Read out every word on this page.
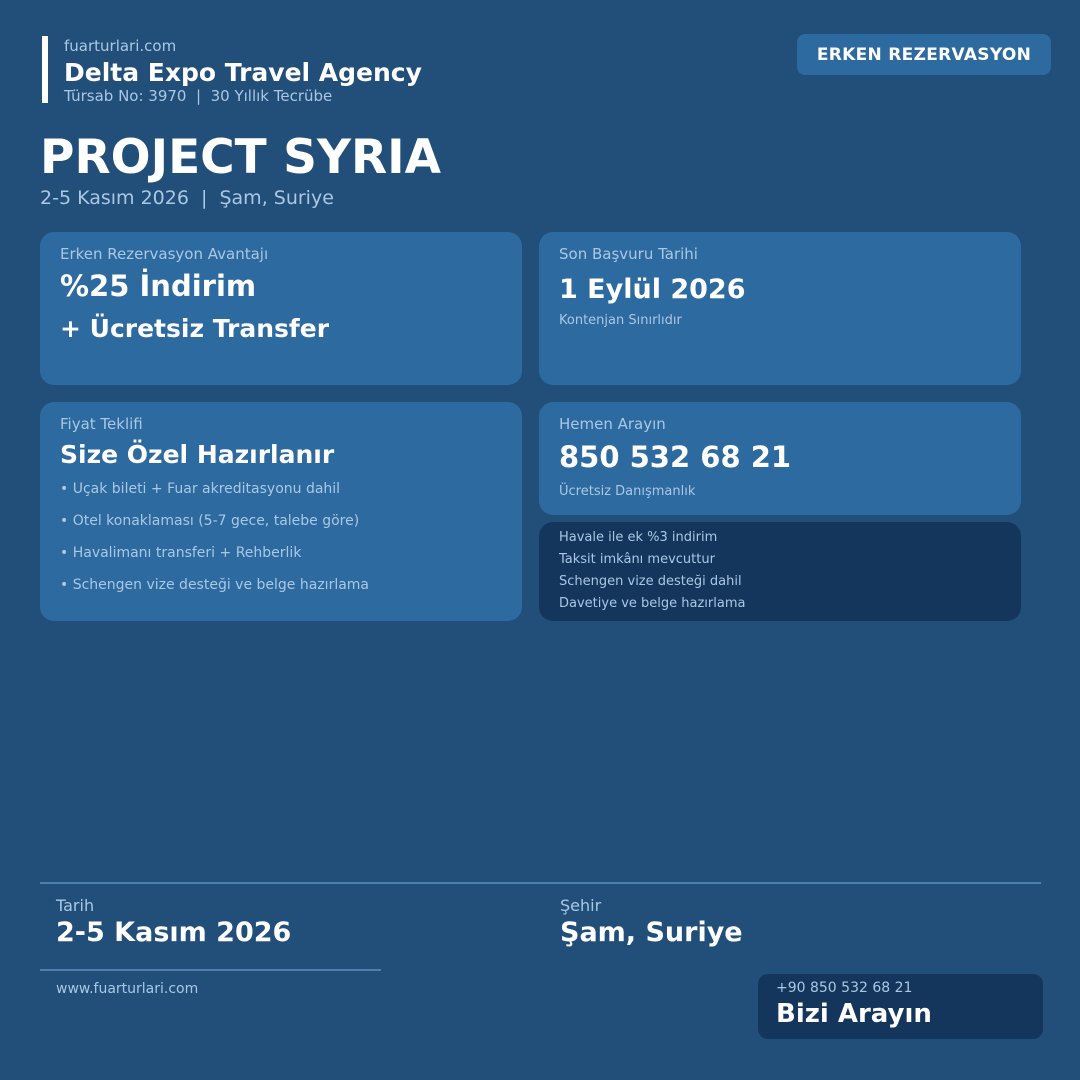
fuarturlari.com
Delta Expo Travel Agency
Türsab No: 3970  |  30 Yıllık Tecrübe
ERKEN REZERVASYON
PROJECT SYRIA
2-5 Kasım 2026  |  Şam, Suriye
Erken Rezervasyon Avantajı
%25 İndirim
+ Ücretsiz Transfer
Son Başvuru Tarihi
1 Eylül 2026
Kontenjan Sınırlıdır
Fiyat Teklifi
Size Özel Hazırlanır
• Uçak bileti + Fuar akreditasyonu dahil
• Otel konaklaması (5-7 gece, talebe göre)
• Havalimanı transferi + Rehberlik
• Schengen vize desteği ve belge hazırlama
Hemen Arayın
850 532 68 21
Ücretsiz Danışmanlık
Havale ile ek %3 indirim
Taksit imkânı mevcuttur
Schengen vize desteği dahil
Davetiye ve belge hazırlama
Tarih
2-5 Kasım 2026
Şehir
Şam, Suriye
www.fuarturlari.com	+90 850 532 68 21
Bizi Arayın
